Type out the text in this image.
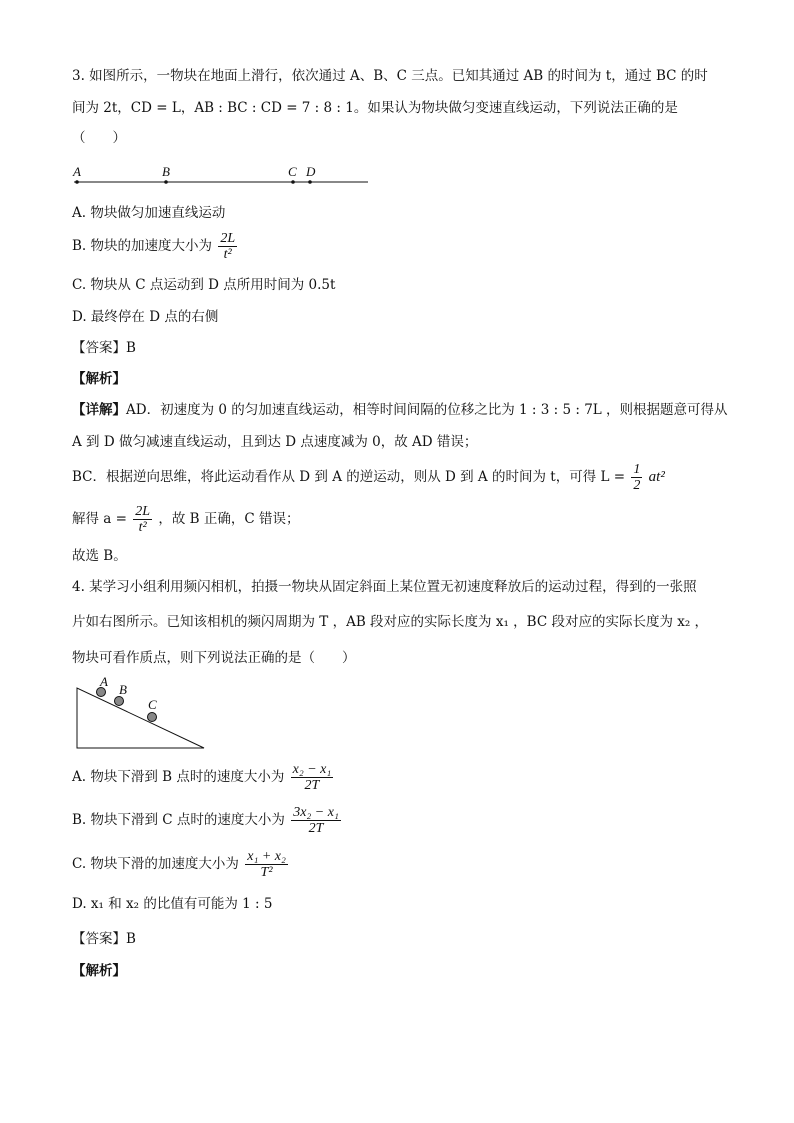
3. 如图所示，一物块在地面上滑行，依次通过 A、B、C 三点。已知其通过 AB 的时间为 t，通过 BC 的时
间为 2t，CD = L，AB : BC : CD = 7 : 8 : 1。如果认为物块做匀变速直线运动，下列说法正确的是
（　　）
A	B	C D
A. 物块做匀加速直线运动
B. 物块的加速度大小为 $\frac{2L}{\text{t²}}$
C. 物块从 C 点运动到 D 点所用时间为 0.5t
D. 最终停在 D 点的右侧
【答案】B
【解析】
【详解】AD．初速度为 0 的匀加速直线运动，相等时间间隔的位移之比为 1 : 3 : 5 : 7L ，则根据题意可得从
A 到 D 做匀减速直线运动，且到达 D 点速度减为 0，故 AD 错误；
BC．根据逆向思维，将此运动看作从 D 到 A 的逆运动，则从 D 到 A 的时间为 t，可得 $L = \frac{1}{2} at^2$
解得 $a = \frac{2L}{\text{t²}}$ ，故 B 正确，C 错误；
故选 B。
4. 某学习小组利用频闪相机，拍摄一物块从固定斜面上某位置无初速度释放后的运动过程，得到的一张照
片如右图所示。已知该相机的频闪周期为 T ，AB 段对应的实际长度为 x₁ ，BC 段对应的实际长度为 x₂ ，
物块可看作质点，则下列说法正确的是（　　）
A
B
C
A. 物块下滑到 B 点时的速度大小为 $\frac{\text{x₂ − x₁}}{2T}$
B. 物块下滑到 C 点时的速度大小为 $\frac{\text{3x₂ − x₁}}{2T}$
C. 物块下滑的加速度大小为 $\frac{\text{x₁ + x₂}}{\text{T²}}$
D. x₁ 和 x₂ 的比值有可能为 1 : 5
【答案】B
【解析】
